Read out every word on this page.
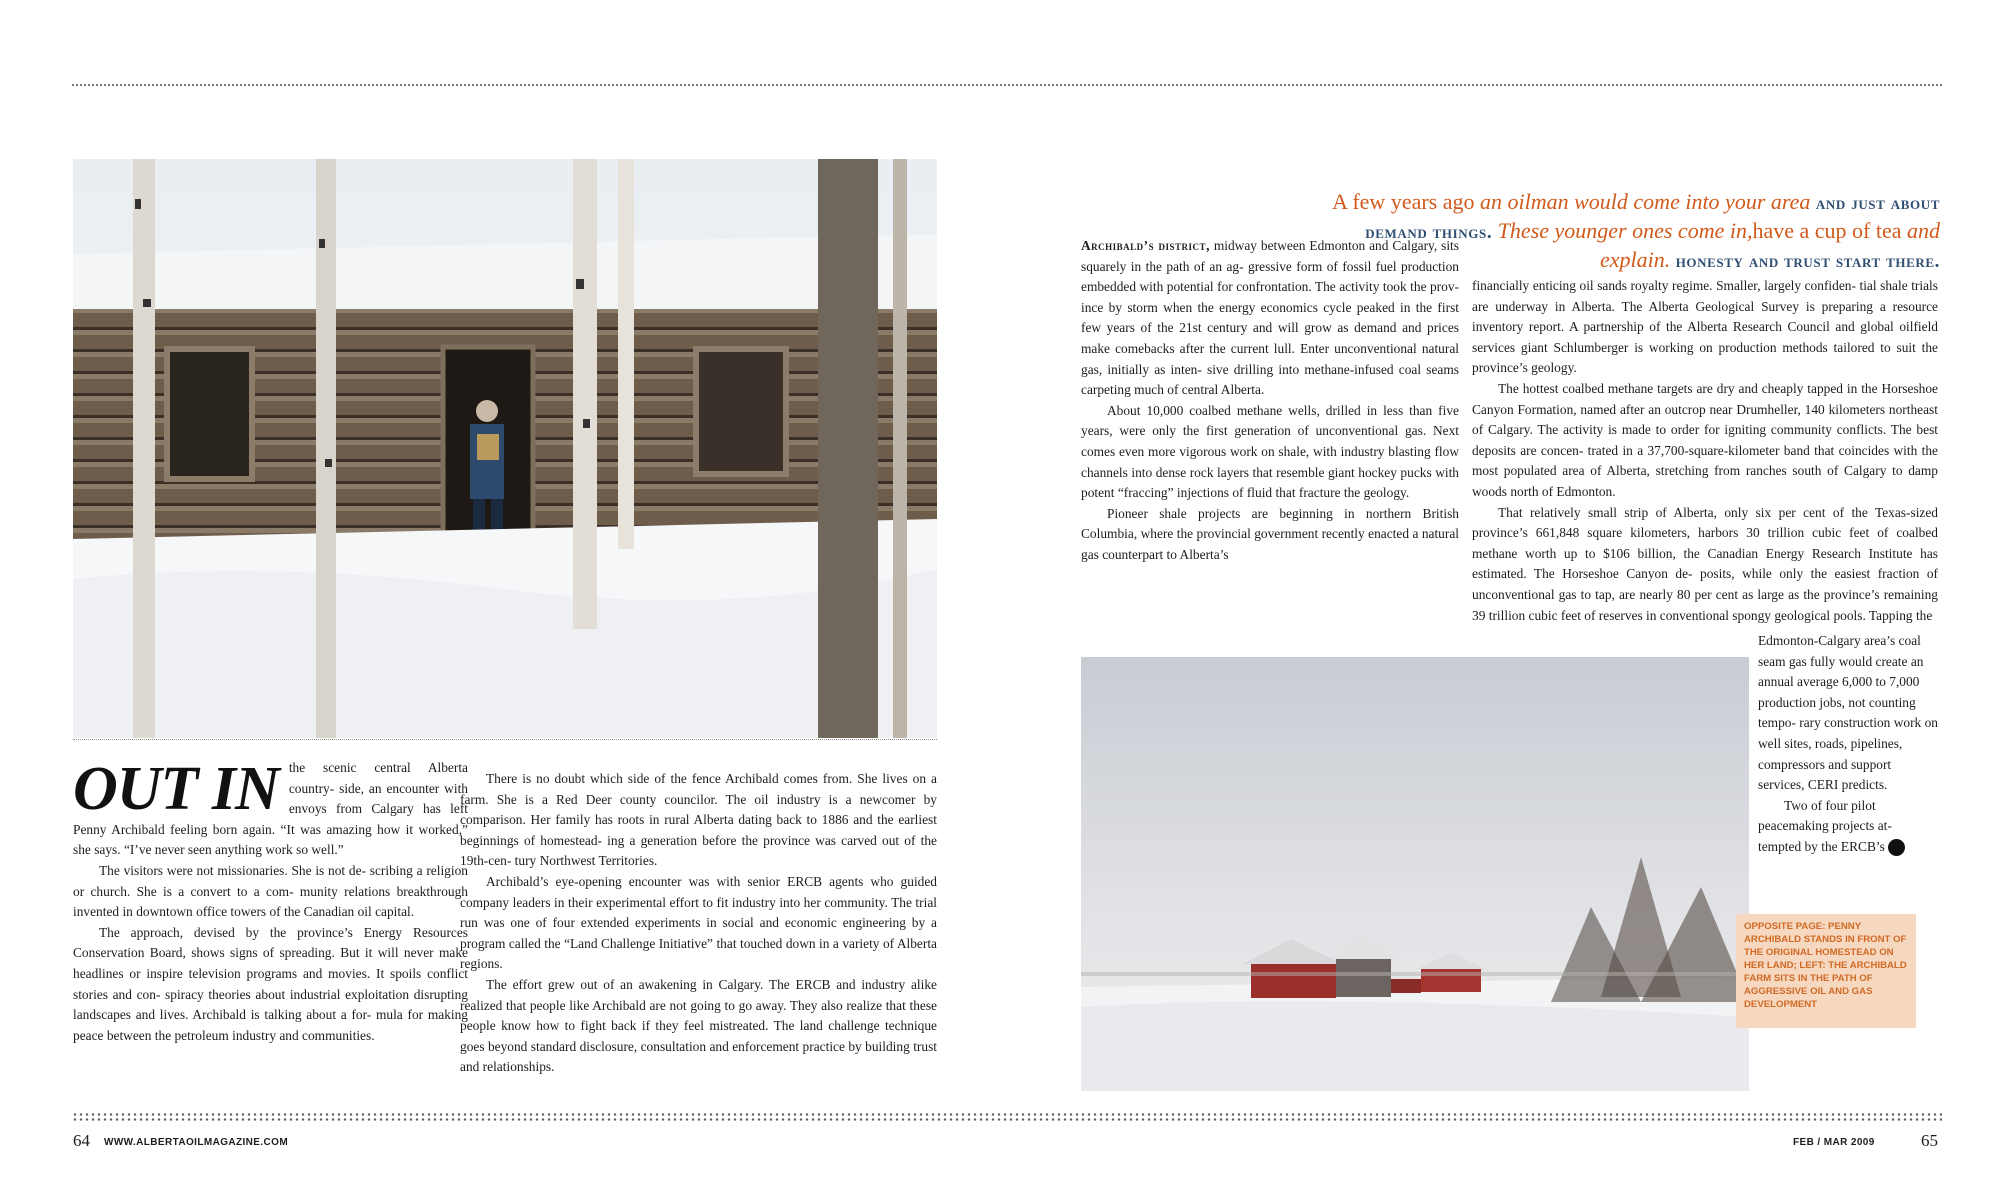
OUT IN the scenic central Alberta country- side, an encounter with envoys from Calgary has left Penny Archibald feeling born again. “It was amazing how it worked,” she says. “I’ve never seen anything work so well.”

The visitors were not missionaries. She is not de- scribing a religion or church. She is a convert to a com- munity relations breakthrough invented in downtown office towers of the Canadian oil capital.

The approach, devised by the province’s Energy Resources Conservation Board, shows signs of spreading. But it will never make headlines or inspire television programs and movies. It spoils conflict stories and con- spiracy theories about industrial exploitation disrupting landscapes and lives. Archibald is talking about a for- mula for making peace between the petroleum industry and communities.

There is no doubt which side of the fence Archibald comes from. She lives on a farm. She is a Red Deer county councilor. The oil industry is a newcomer by comparison. Her family has roots in rural Alberta dating back to 1886 and the earliest beginnings of homestead- ing a generation before the province was carved out of the 19th-cen- tury Northwest Territories.

Archibald’s eye-opening encounter was with senior ERCB agents who guided company leaders in their experimental effort to fit industry into her community. The trial run was one of four extended experiments in social and economic engineering by a program called the “Land Challenge Initiative” that touched down in a variety of Alberta regions.

The effort grew out of an awakening in Calgary. The ERCB and industry alike realized that people like Archibald are not going to go away. They also realize that these people know how to fight back if they feel mistreated. The land challenge technique goes beyond standard disclosure, consultation and enforcement practice by building trust and relationships.

A few years ago an oilman would come into your area and just about demand things. These younger ones come in,have a cup of tea and explain. honesty and trust start there.

Archibald’s district, midway between Edmonton and Calgary, sits squarely in the path of an ag- gressive form of fossil fuel production embedded with potential for confrontation. The activity took the prov- ince by storm when the energy economics cycle peaked in the first few years of the 21st century and will grow as demand and prices make comebacks after the current lull. Enter unconventional natural gas, initially as inten- sive drilling into methane-infused coal seams carpeting much of central Alberta.

About 10,000 coalbed methane wells, drilled in less than five years, were only the first generation of unconventional gas. Next comes even more vigorous work on shale, with industry blasting flow channels into dense rock layers that resemble giant hockey pucks with potent “fraccing” injections of fluid that fracture the geology.

Pioneer shale projects are beginning in northern British Columbia, where the provincial government recently enacted a natural gas counterpart to Alberta’s

financially enticing oil sands royalty regime. Smaller, largely confiden- tial shale trials are underway in Alberta. The Alberta Geological Survey is preparing a resource inventory report. A partnership of the Alberta Research Council and global oilfield services giant Schlumberger is working on production methods tailored to suit the province’s geology.

The hottest coalbed methane targets are dry and cheaply tapped in the Horseshoe Canyon Formation, named after an outcrop near Drumheller, 140 kilometers northeast of Calgary. The activity is made to order for igniting community conflicts. The best deposits are concen- trated in a 37,700-square-kilometer band that coincides with the most populated area of Alberta, stretching from ranches south of Calgary to damp woods north of Edmonton.

That relatively small strip of Alberta, only six per cent of the Texas-sized province’s 661,848 square kilometers, harbors 30 trillion cubic feet of coalbed methane worth up to $106 billion, the Canadian Energy Research Institute has estimated. The Horseshoe Canyon de- posits, while only the easiest fraction of unconventional gas to tap, are nearly 80 per cent as large as the province’s remaining 39 trillion cubic feet of reserves in conventional spongy geological pools. Tapping the

Edmonton-Calgary area’s coal seam gas fully would create an annual average 6,000 to 7,000 production jobs, not counting tempo- rary construction work on well sites, roads, pipelines, compressors and support services, CERI predicts.

Two of four pilot peacemaking projects at- tempted by the ERCB’s	»

OPPOSITE PAGE: PENNY ARCHIBALD STANDS IN FRONT OF THE ORIGINAL HOMESTEAD ON HER LAND; LEFT: THE ARCHIBALD FARM SITS IN THE PATH OF AGGRESSIVE OIL AND GAS DEVELOPMENT
64 WWW.ALBERTAOILMAGAZINE.COM	FEB / MAR 2009	65
